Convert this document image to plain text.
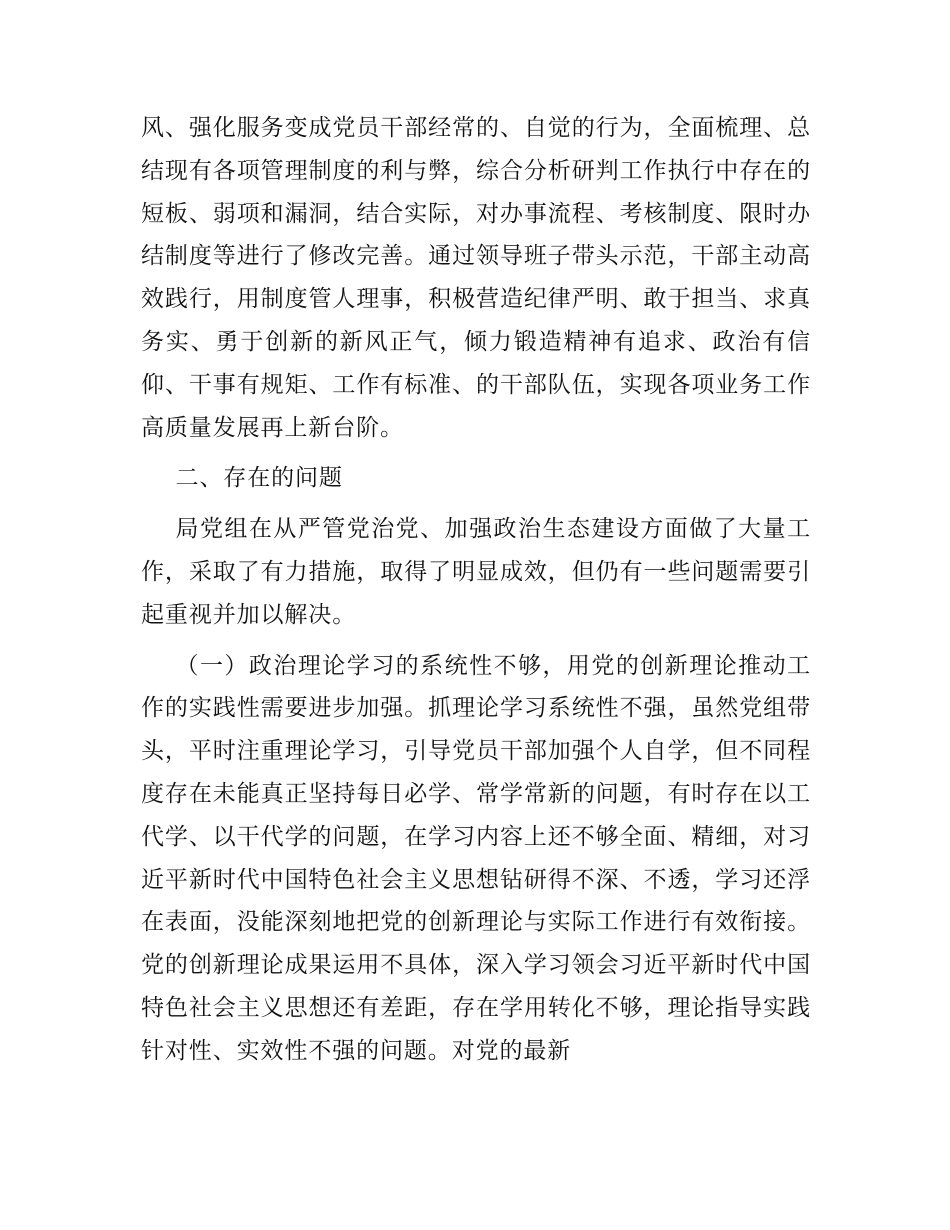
风、强化服务变成党员干部经常的、自觉的行为，全面梳理、总结现有各项管理制度的利与弊，综合分析研判工作执行中存在的短板、弱项和漏洞，结合实际，对办事流程、考核制度、限时办结制度等进行了修改完善。通过领导班子带头示范，干部主动高效践行，用制度管人理事，积极营造纪律严明、敢于担当、求真务实、勇于创新的新风正气，倾力锻造精神有追求、政治有信仰、干事有规矩、工作有标准、的干部队伍，实现各项业务工作高质量发展再上新台阶。

二、存在的问题

局党组在从严管党治党、加强政治生态建设方面做了大量工作，采取了有力措施，取得了明显成效，但仍有一些问题需要引起重视并加以解决。

（一）政治理论学习的系统性不够，用党的创新理论推动工作的实践性需要进步加强。抓理论学习系统性不强，虽然党组带头，平时注重理论学习，引导党员干部加强个人自学，但不同程度存在未能真正坚持每日必学、常学常新的问题，有时存在以工代学、以干代学的问题，在学习内容上还不够全面、精细，对习近平新时代中国特色社会主义思想钻研得不深、不透，学习还浮在表面，没能深刻地把党的创新理论与实际工作进行有效衔接。党的创新理论成果运用不具体，深入学习领会习近平新时代中国特色社会主义思想还有差距，存在学用转化不够，理论指导实践针对性、实效性不强的问题。对党的最新
